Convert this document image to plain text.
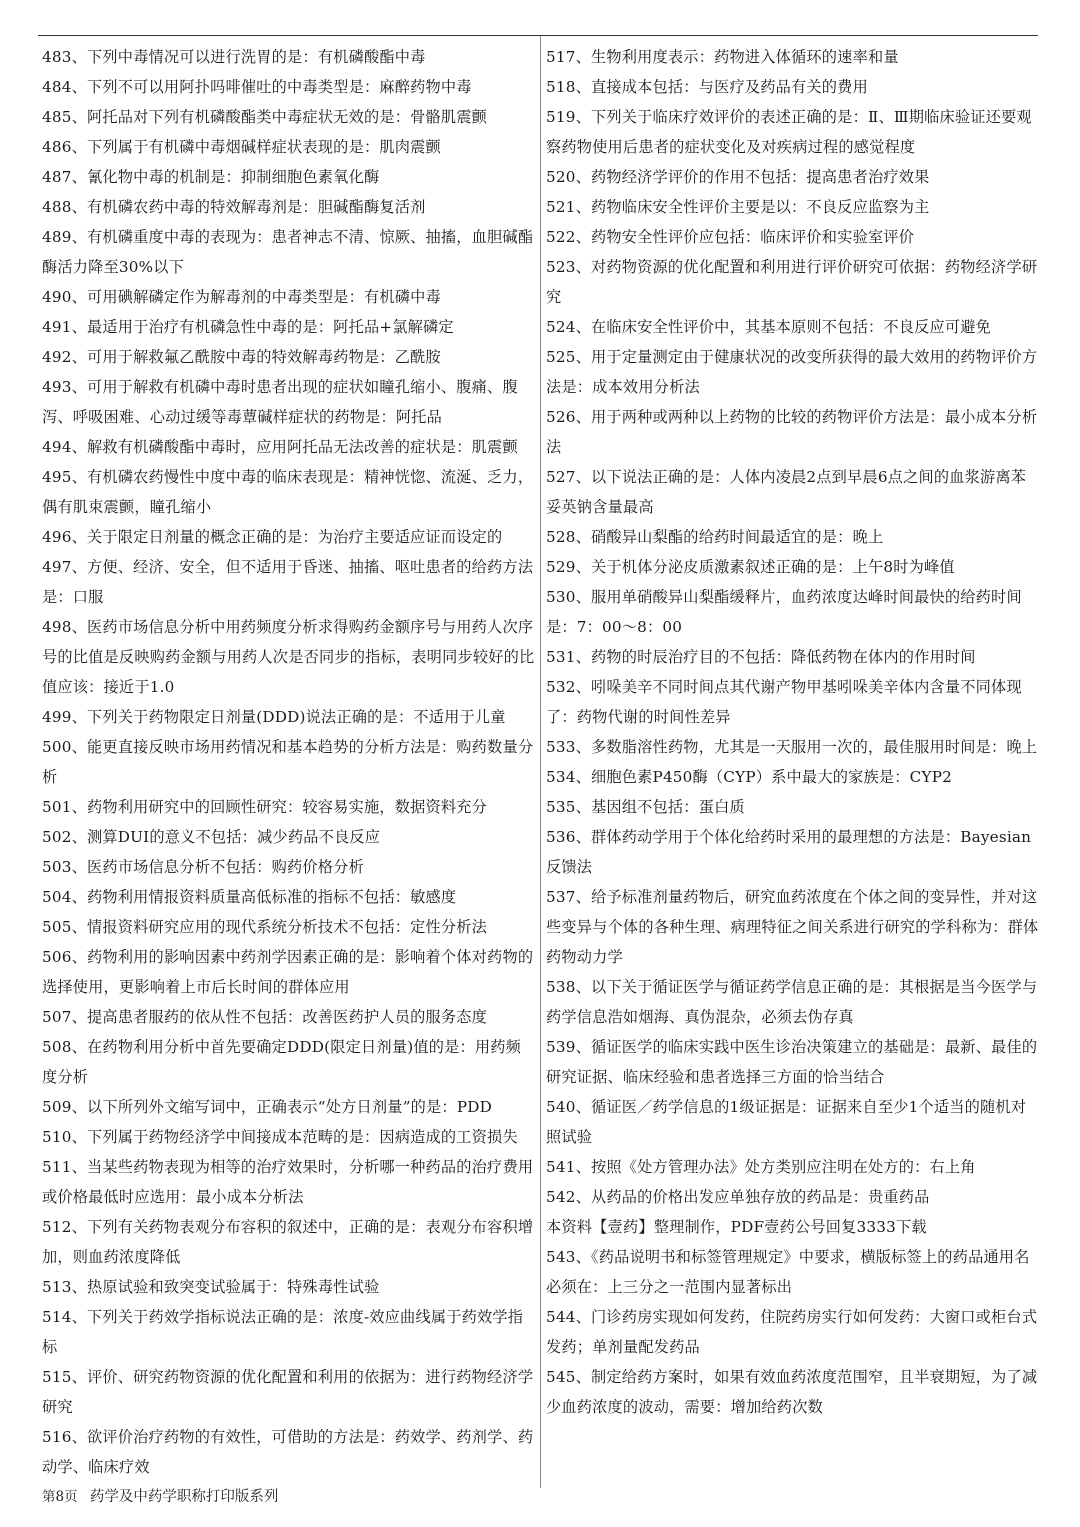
483、下列中毒情况可以进行洗胃的是：有机磷酸酯中毒

484、下列不可以用阿扑吗啡催吐的中毒类型是：麻醉药物中毒

485、阿托品对下列有机磷酸酯类中毒症状无效的是：骨骼肌震颤

486、下列属于有机磷中毒烟碱样症状表现的是：肌肉震颤

487、氰化物中毒的机制是：抑制细胞色素氧化酶

488、有机磷农药中毒的特效解毒剂是：胆碱酯酶复活剂

489、有机磷重度中毒的表现为：患者神志不清、惊厥、抽搐，血胆碱酯酶活力降至30%以下

490、可用碘解磷定作为解毒剂的中毒类型是：有机磷中毒

491、最适用于治疗有机磷急性中毒的是：阿托品+氯解磷定

492、可用于解救氟乙酰胺中毒的特效解毒药物是：乙酰胺

493、可用于解救有机磷中毒时患者出现的症状如瞳孔缩小、腹痛、腹泻、呼吸困难、心动过缓等毒蕈碱样症状的药物是：阿托品

494、解救有机磷酸酯中毒时，应用阿托品无法改善的症状是：肌震颤

495、有机磷农药慢性中度中毒的临床表现是：精神恍惚、流涎、乏力，偶有肌束震颤，瞳孔缩小

496、关于限定日剂量的概念正确的是：为治疗主要适应证而设定的

497、方便、经济、安全，但不适用于昏迷、抽搐、呕吐患者的给药方法是：口服

498、医药市场信息分析中用药频度分析求得购药金额序号与用药人次序号的比值是反映购药金额与用药人次是否同步的指标，表明同步较好的比值应该：接近于1.0

499、下列关于药物限定日剂量(DDD)说法正确的是：不适用于儿童

500、能更直接反映市场用药情况和基本趋势的分析方法是：购药数量分析

501、药物利用研究中的回顾性研究：较容易实施，数据资料充分

502、测算DUI的意义不包括：减少药品不良反应

503、医药市场信息分析不包括：购药价格分析

504、药物利用情报资料质量高低标准的指标不包括：敏感度

505、情报资料研究应用的现代系统分析技术不包括：定性分析法

506、药物利用的影响因素中药剂学因素正确的是：影响着个体对药物的选择使用，更影响着上市后长时间的群体应用

507、提高患者服药的依从性不包括：改善医药护人员的服务态度

508、在药物利用分析中首先要确定DDD(限定日剂量)值的是：用药频度分析

509、以下所列外文缩写词中，正确表示“处方日剂量”的是：PDD

510、下列属于药物经济学中间接成本范畴的是：因病造成的工资损失

511、当某些药物表现为相等的治疗效果时，分析哪一种药品的治疗费用或价格最低时应选用：最小成本分析法

512、下列有关药物表观分布容积的叙述中，正确的是：表观分布容积增加，则血药浓度降低

513、热原试验和致突变试验属于：特殊毒性试验

514、下列关于药效学指标说法正确的是：浓度-效应曲线属于药效学指标

515、评价、研究药物资源的优化配置和利用的依据为：进行药物经济学研究

516、欲评价治疗药物的有效性，可借助的方法是：药效学、药剂学、药动学、临床疗效

517、生物利用度表示：药物进入体循环的速率和量

518、直接成本包括：与医疗及药品有关的费用

519、下列关于临床疗效评价的表述正确的是：Ⅱ、Ⅲ期临床验证还要观察药物使用后患者的症状变化及对疾病过程的感觉程度

520、药物经济学评价的作用不包括：提高患者治疗效果

521、药物临床安全性评价主要是以：不良反应监察为主

522、药物安全性评价应包括：临床评价和实验室评价

523、对药物资源的优化配置和利用进行评价研究可依据：药物经济学研究

524、在临床安全性评价中，其基本原则不包括：不良反应可避免

525、用于定量测定由于健康状况的改变所获得的最大效用的药物评价方法是：成本效用分析法

526、用于两种或两种以上药物的比较的药物评价方法是：最小成本分析法

527、以下说法正确的是：人体内凌晨2点到早晨6点之间的血浆游离苯妥英钠含量最高

528、硝酸异山梨酯的给药时间最适宜的是：晚上

529、关于机体分泌皮质激素叙述正确的是：上午8时为峰值

530、服用单硝酸异山梨酯缓释片，血药浓度达峰时间最快的给药时间是：7：00～8：00

531、药物的时辰治疗目的不包括：降低药物在体内的作用时间

532、吲哚美辛不同时间点其代谢产物甲基吲哚美辛体内含量不同体现了：药物代谢的时间性差异

533、多数脂溶性药物，尤其是一天服用一次的，最佳服用时间是：晚上

534、细胞色素P450酶（CYP）系中最大的家族是：CYP2

535、基因组不包括：蛋白质

536、群体药动学用于个体化给药时采用的最理想的方法是：Bayesian反馈法

537、给予标准剂量药物后，研究血药浓度在个体之间的变异性，并对这些变异与个体的各种生理、病理特征之间关系进行研究的学科称为：群体药物动力学

538、以下关于循证医学与循证药学信息正确的是：其根据是当今医学与药学信息浩如烟海、真伪混杂，必须去伪存真

539、循证医学的临床实践中医生诊治决策建立的基础是：最新、最佳的研究证据、临床经验和患者选择三方面的恰当结合

540、循证医／药学信息的1级证据是：证据来自至少1个适当的随机对照试验

541、按照《处方管理办法》处方类别应注明在处方的：右上角

542、从药品的价格出发应单独存放的药品是：贵重药品

本资料【壹药】整理制作，PDF壹药公号回复3333下载

543、《药品说明书和标签管理规定》中要求，横版标签上的药品通用名必须在：上三分之一范围内显著标出

544、门诊药房实现如何发药，住院药房实行如何发药：大窗口或柜台式发药；单剂量配发药品

545、制定给药方案时，如果有效血药浓度范围窄，且半衰期短，为了减少血药浓度的波动，需要：增加给药次数

第8页 药学及中药学职称打印版系列
